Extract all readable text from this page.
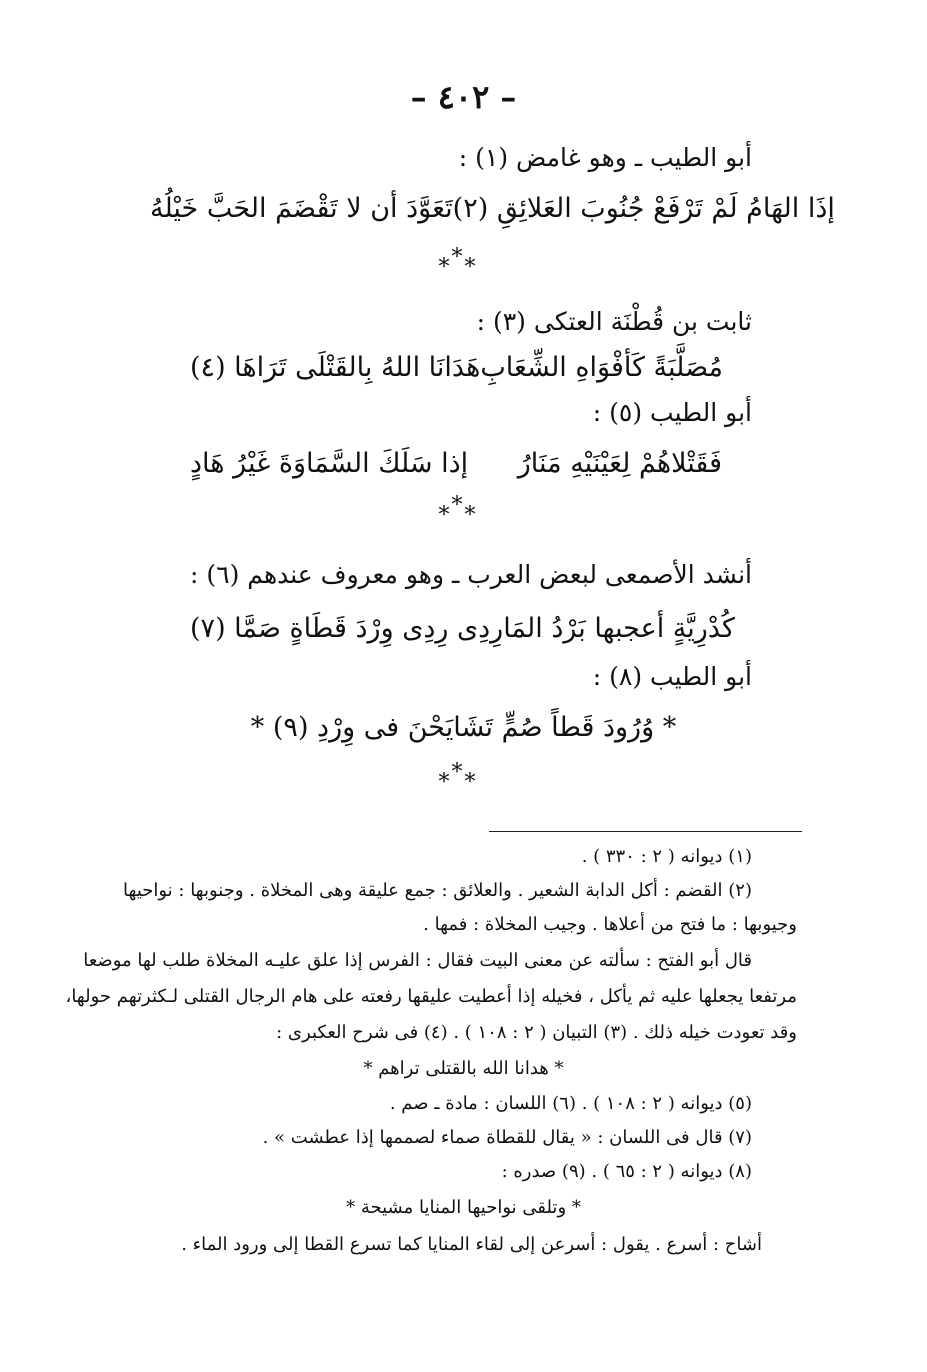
– ٤٠٢ –
أبو الطيب ـ وهو غامض (١) :
تَعَوَّدَ أن لا تَقْضَمَ الحَبَّ خَيْلُهُ إذَا الهَامُ لَمْ تَرْفَعْ جُنُوبَ العَلائِقِ (٢)
***
ثابت بن قُطْنَة العتكى (٣) :
هَدَانَا اللهُ بِالقَتْلَى تَرَاهَا (٤) مُصَلَّبَةً كَأفْوَاهِ الشِّعَابِ
أبو الطيب (٥) :
إذا سَلَكَ السَّمَاوَةَ غَيْرُ هَادٍ فَقَتْلاهُمْ لِعَيْنَيْهِ مَنَارُ
***
أنشد الأصمعى لبعض العرب ـ وهو معروف عندهم (٦) :
رِدِى رِدِى وِرْدَ قَطَاةٍ صَمَّا (٧) كُدْرِيَّةٍ أعجبها بَرْدُ المَا
أبو الطيب (٨) :
* وُرُودَ قَطاً صُمٍّ تَشَايَحْنَ فى وِرْدِ (٩) *
***
(١) ديوانه ( ٢ : ٣٣٠ ) .
(٢) القضم : أكل الدابة الشعير . والعلائق : جمع عليقة وهى المخلاة . وجنوبها : نواحيها
وجيوبها : ما فتح من أعلاها . وجيب المخلاة : فمها .
قال أبو الفتح : سألته عن معنى البيت فقال : الفرس إذا علق عليـه المخلاة طلب لها موضعا
مرتفعا يجعلها عليه ثم يأكل ، فخيله إذا أعطيت عليقها رفعته على هام الرجال القتلى لـكثرتهم حولها،
وقد تعودت خيله ذلك . (٣) التبيان ( ٢ : ١٠٨ ) . (٤) فى شرح العكبرى :
* هدانا الله بالقتلى تراهم *
(٥) ديوانه ( ٢ : ١٠٨ ) . (٦) اللسان : مادة ـ صم .
(٧) قال فى اللسان : « يقال للقطاة صماء لصممها إذا عطشت » .
(٨) ديوانه ( ٢ : ٦٥ ) . (٩) صدره :
* وتلقى نواحيها المنايا مشيحة *
أشاح : أسرع . يقول : أسرعن إلى لقاء المنايا كما تسرع القطا إلى ورود الماء .
